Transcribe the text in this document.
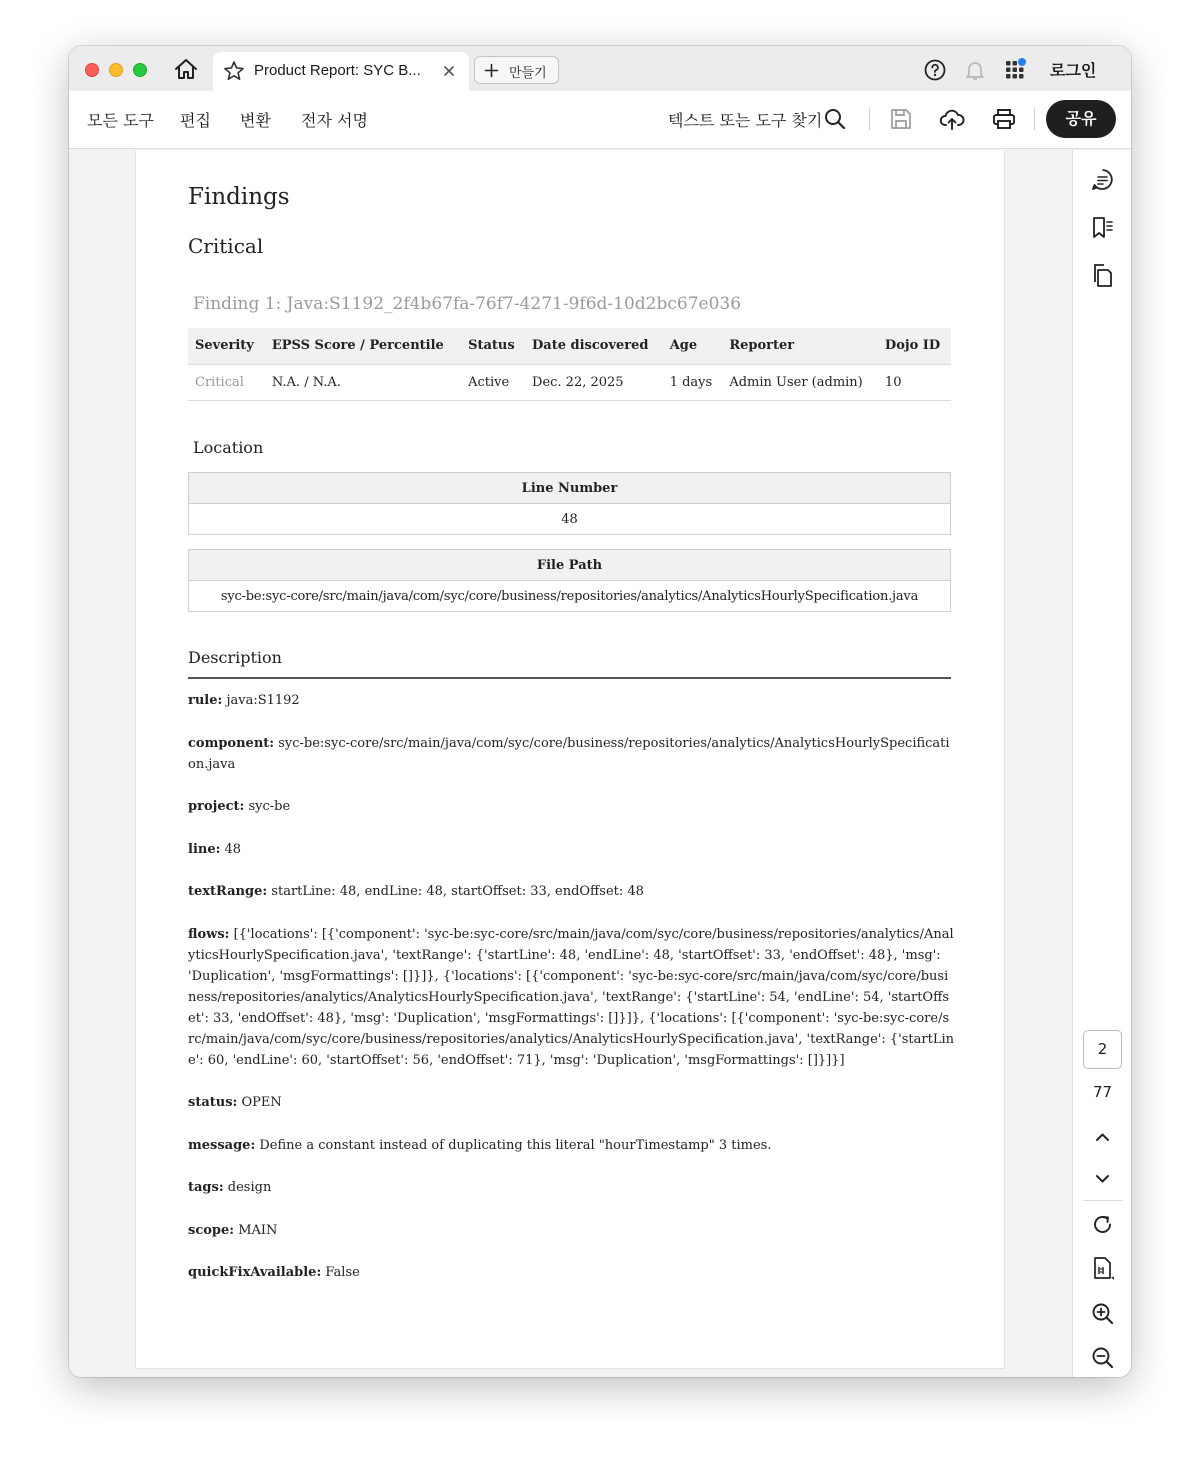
Product Report: SYC B...	만들기	로그인
모든 도구 편집 변환 전자 서명	텍스트 또는 도구 찾기	공유
Findings
Critical
Finding 1: Java:S1192_2f4b67fa-76f7-4271-9f6d-10d2bc67e036
Severity	EPSS Score / Percentile	Status	Date discovered	Age	Reporter	Dojo ID
Critical	N.A. / N.A.	Active	Dec. 22, 2025	1 days	Admin User (admin)	10
Location
Line Number
48
File Path
syc-be:syc-core/src/main/java/com/syc/core/business/repositories/analytics/AnalyticsHourlySpecification.java
Description

rule: java:S1192

component: syc-be:syc-core/src/main/java/com/syc/core/business/repositories/analytics/AnalyticsHourlySpecification.java

project: syc-be

line: 48

textRange: startLine: 48, endLine: 48, startOffset: 33, endOffset: 48

flows: [{'locations': [{'component': 'syc-be:syc-core/src/main/java/com/syc/core/business/repositories/analytics/AnalyticsHourlySpecification.java', 'textRange': {'startLine': 48, 'endLine': 48, 'startOffset': 33, 'endOffset': 48}, 'msg': 'Duplication', 'msgFormattings': []}]}, {'locations': [{'component': 'syc-be:syc-core/src/main/java/com/syc/core/business/repositories/analytics/AnalyticsHourlySpecification.java', 'textRange': {'startLine': 54, 'endLine': 54, 'startOffset': 33, 'endOffset': 48}, 'msg': 'Duplication', 'msgFormattings': []}]}, {'locations': [{'component': 'syc-be:syc-core/src/main/java/com/syc/core/business/repositories/analytics/AnalyticsHourlySpecification.java', 'textRange': {'startLine': 60, 'endLine': 60, 'startOffset': 56, 'endOffset': 71}, 'msg': 'Duplication', 'msgFormattings': []}]}]

status: OPEN

message: Define a constant instead of duplicating this literal "hourTimestamp" 3 times.

tags: design

scope: MAIN

quickFixAvailable: False

2
77
